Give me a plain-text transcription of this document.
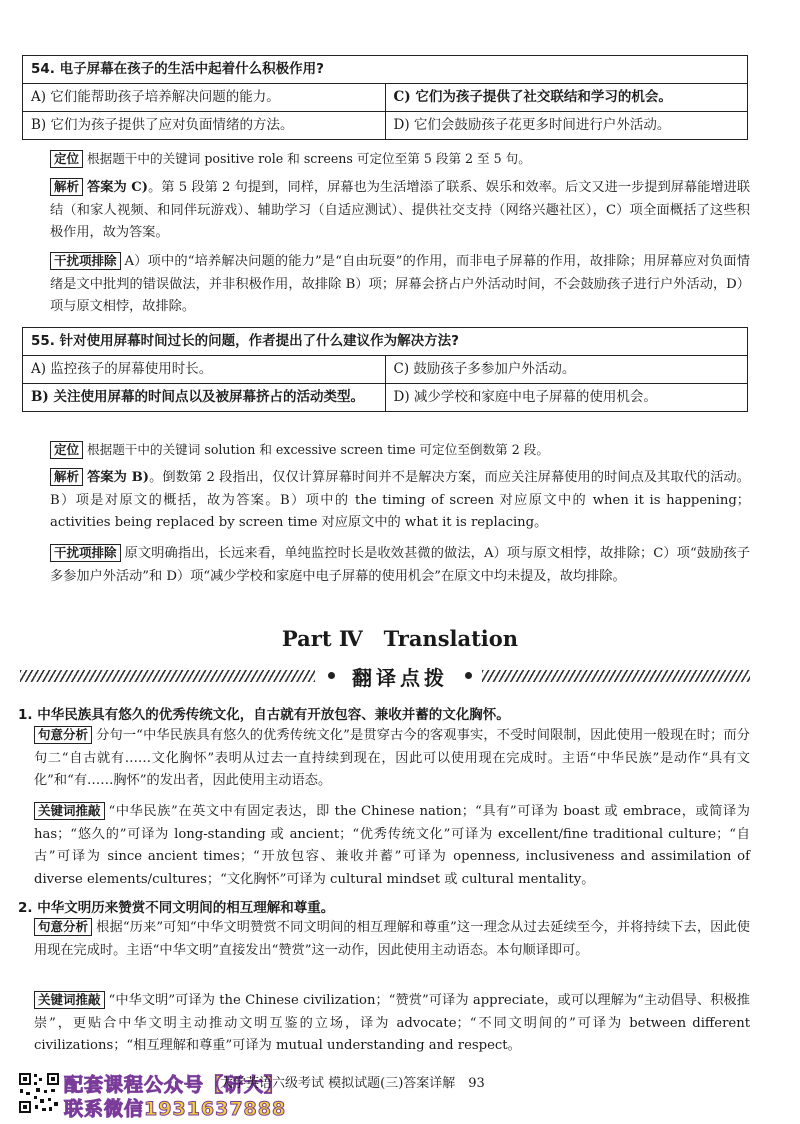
54. 电子屏幕在孩子的生活中起着什么积极作用?	
A) 它们能帮助孩子培养解决问题的能力。	C) 它们为孩子提供了社交联结和学习的机会。
B) 它们为孩子提供了应对负面情绪的方法。	D) 它们会鼓励孩子花更多时间进行户外活动。
定位 根据题干中的关键词 positive role 和 screens 可定位至第 5 段第 2 至 5 句。
解析 答案为 C)。第 5 段第 2 句提到，同样，屏幕也为生活增添了联系、娱乐和效率。后文又进一步提到屏幕能增进联结（和家人视频、和同伴玩游戏）、辅助学习（自适应测试）、提供社交支持（网络兴趣社区），C）项全面概括了这些积极作用，故为答案。
干扰项排除 A）项中的“培养解决问题的能力”是“自由玩耍”的作用，而非电子屏幕的作用，故排除；用屏幕应对负面情绪是文中批判的错误做法，并非积极作用，故排除 B）项；屏幕会挤占户外活动时间，不会鼓励孩子进行户外活动，D）项与原文相悖，故排除。
55. 针对使用屏幕时间过长的问题，作者提出了什么建议作为解决方法?	
A) 监控孩子的屏幕使用时长。	C) 鼓励孩子多参加户外活动。
B) 关注使用屏幕的时间点以及被屏幕挤占的活动类型。	D) 减少学校和家庭中电子屏幕的使用机会。
定位 根据题干中的关键词 solution 和 excessive screen time 可定位至倒数第 2 段。
解析 答案为 B)。倒数第 2 段指出，仅仅计算屏幕时间并不是解决方案，而应关注屏幕使用的时间点及其取代的活动。B）项是对原文的概括，故为答案。B）项中的 the timing of screen 对应原文中的 when it is happening；activities being replaced by screen time 对应原文中的 what it is replacing。
干扰项排除 原文明确指出，长远来看，单纯监控时长是收效甚微的做法，A）项与原文相悖，故排除；C）项“鼓励孩子多参加户外活动”和 D）项“减少学校和家庭中电子屏幕的使用机会”在原文中均未提及，故均排除。
Part Ⅳ　Translation
翻译点拨
1. 中华民族具有悠久的优秀传统文化，自古就有开放包容、兼收并蓄的文化胸怀。
句意分析 分句一“中华民族具有悠久的优秀传统文化”是贯穿古今的客观事实，不受时间限制，因此使用一般现在时；而分句二“自古就有……文化胸怀”表明从过去一直持续到现在，因此可以使用现在完成时。主语“中华民族”是动作“具有文化”和“有……胸怀”的发出者，因此使用主动语态。
关键词推敲 “中华民族”在英文中有固定表达，即 the Chinese nation；“具有”可译为 boast 或 embrace，或简译为 has；“悠久的”可译为 long-standing 或 ancient；“优秀传统文化”可译为 excellent/fine traditional culture；“自古”可译为 since ancient times；“开放包容、兼收并蓄”可译为 openness, inclusiveness and assimilation of diverse elements/cultures；“文化胸怀”可译为 cultural mindset 或 cultural mentality。
2. 中华文明历来赞赏不同文明间的相互理解和尊重。
句意分析 根据“历来”可知“中华文明赞赏不同文明间的相互理解和尊重”这一理念从过去延续至今，并将持续下去，因此使用现在完成时。主语“中华文明”直接发出“赞赏”这一动作，因此使用主动语态。本句顺译即可。
关键词推敲 “中华文明”可译为 the Chinese civilization；“赞赏”可译为 appreciate，或可以理解为“主动倡导、积极推崇”，更贴合中华文明主动推动文明互鉴的立场，译为 advocate；“不同文明间的”可译为 between different civilizations；“相互理解和尊重”可译为 mutual understanding and respect。
配套课程公众号【研大】
联系微信1931637888
大学英语六级考试 模拟试题(三)答案详解　93
